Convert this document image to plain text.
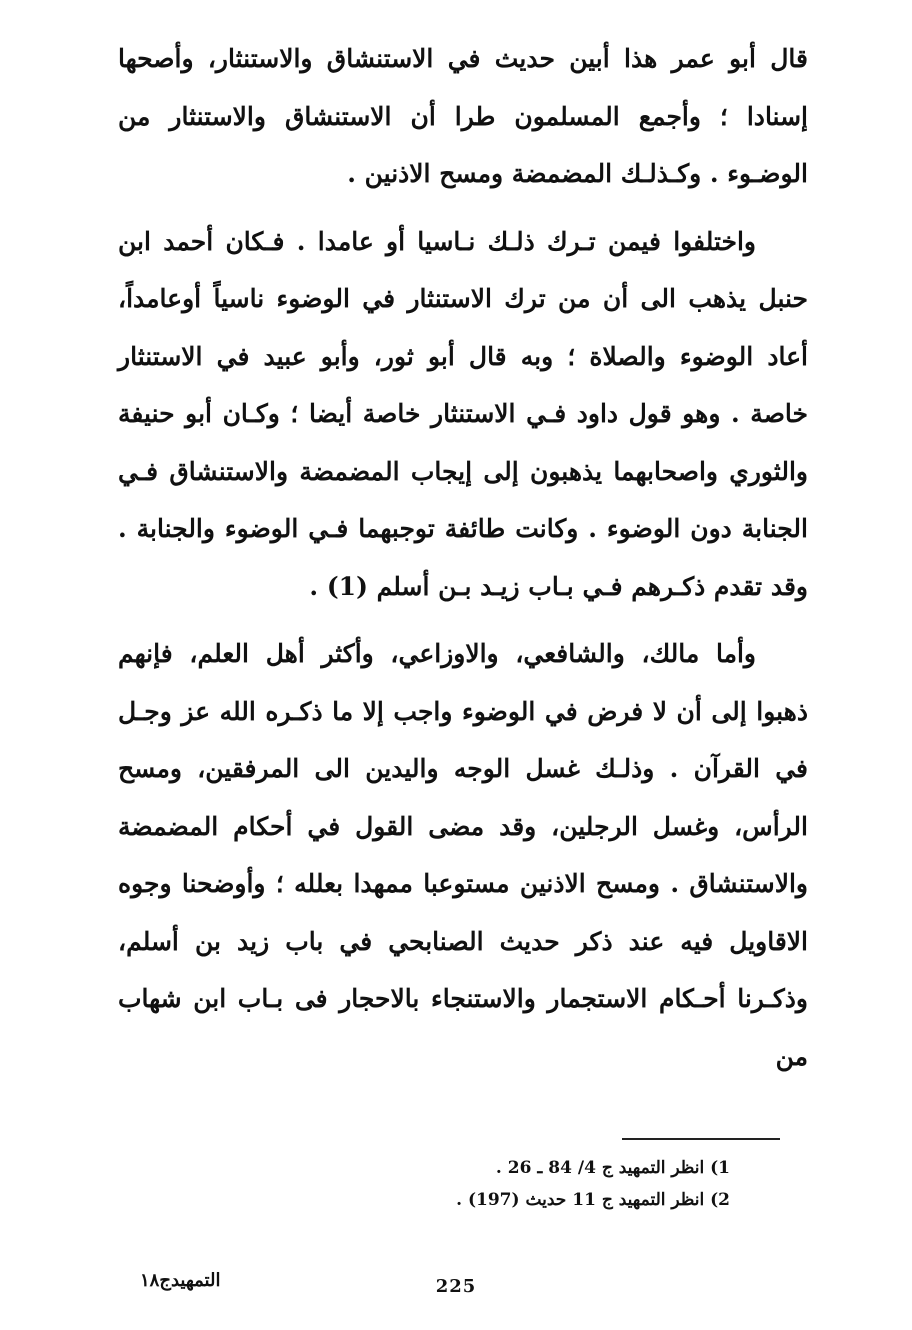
قال أبو عمر هذا أبين حديث في الاستنشاق والاستنثار، وأصحها إسنادا ؛ وأجمع المسلمون طرا أن الاستنشاق والاستنثار من الوضـوء . وكـذلـك المضمضة ومسح الاذنين .

واختلفوا فيمن تـرك ذلـك نـاسيا أو عامدا . فـكان أحمد ابن حنبل يذهب الى أن من ترك الاستنثار في الوضوء ناسياً أوعامداً، أعاد الوضوء والصلاة ؛ وبه قال أبو ثور، وأبو عبيد في الاستنثار خاصة . وهو قول داود فـي الاستنثار خاصة أيضا ؛ وكـان أبو حنيفة والثوري واصحابهما يذهبون إلى إيجاب المضمضة والاستنشاق فـي الجنابة دون الوضوء . وكانت طائفة توجبهما فـي الوضوء والجنابة . وقد تقدم ذكـرهم فـي بـاب زيـد بـن أسلم (1) .

وأما مالك، والشافعي، والاوزاعي، وأكثر أهل العلم، فإنهم ذهبوا إلى أن لا فرض في الوضوء واجب إلا ما ذكـره الله عز وجـل في القرآن . وذلـك غسل الوجه واليدين الى المرفقين، ومسح الرأس، وغسل الرجلين، وقد مضى القول في أحكام المضمضة والاستنشاق . ومسح الاذنين مستوعبا ممهدا بعلله ؛ وأوضحنا وجوه الاقاويل فيه عند ذكر حديث الصنابحي في باب زيد بن أسلم، وذكـرنا أحـكام الاستجمار والاستنجاء بالاحجار فى بـاب ابن شهاب من

1) انظر التمهيد ج 4/ 84 ـ 26 .
2) انظر التمهيد ج 11 حديث (197) .
التمهيدج١٨	225
